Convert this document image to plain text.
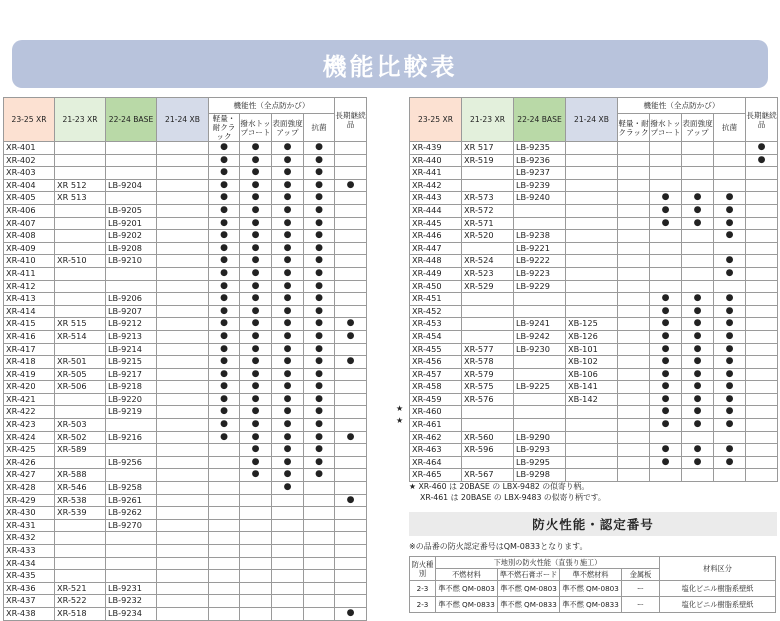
機能比較表
23-25 XR	21-23 XR	22-24 BASE	21-24 XB	機能性（全点防かび）				長期継続品
				軽量・耐クラック	撥水トップコート	表面強度アップ	抗菌	
XR-401				●	●	●	●	
XR-402				●	●	●	●	
XR-403				●	●	●	●	
XR-404	XR 512	LB-9204		●	●	●	●	●
XR-405	XR 513			●	●	●	●	
XR-406		LB-9205		●	●	●	●	
XR-407		LB-9201		●	●	●	●	
XR-408		LB-9202		●	●	●	●	
XR-409		LB-9208		●	●	●	●	
XR-410	XR-510	LB-9210		●	●	●	●	
XR-411				●	●	●	●	
XR-412				●	●	●	●	
XR-413		LB-9206		●	●	●	●	
XR-414		LB-9207		●	●	●	●	
XR-415	XR 515	LB-9212		●	●	●	●	●
XR-416	XR-514	LB-9213		●	●	●	●	●
XR-417		LB-9214		●	●	●	●	
XR-418	XR-501	LB-9215		●	●	●	●	●
XR-419	XR-505	LB-9217		●	●	●	●	
XR-420	XR-506	LB-9218		●	●	●	●	
XR-421		LB-9220		●	●	●	●	
XR-422		LB-9219		●	●	●	●	
XR-423	XR-503			●	●	●	●	
XR-424	XR-502	LB-9216		●	●	●	●	●
XR-425	XR-589				●	●	●	
XR-426		LB-9256			●	●	●	
XR-427	XR-588				●	●	●	
XR-428	XR-546	LB-9258				●		
XR-429	XR-538	LB-9261						●
XR-430	XR-539	LB-9262						
XR-431		LB-9270						
XR-432								
XR-433								
XR-434								
XR-435								
XR-436	XR-521	LB-9231						
XR-437	XR-522	LB-9232						
XR-438	XR-518	LB-9234						●
23-25 XR	21-23 XR	22-24 BASE	21-24 XB	機能性（全点防かび）				長期継続品
				軽量・耐クラック	撥水トップコート	表面強度アップ	抗菌	
XR-439	XR 517	LB-9235						●
XR-440	XR-519	LB-9236						●
XR-441		LB-9237						
XR-442		LB-9239						
XR-443	XR-573	LB-9240			●	●	●	
XR-444	XR-572				●	●	●	
XR-445	XR-571				●	●	●	
XR-446	XR-520	LB-9238					●	
XR-447		LB-9221						
XR-448	XR-524	LB-9222					●	
XR-449	XR-523	LB-9223					●	
XR-450	XR-529	LB-9229						
XR-451					●	●	●	
XR-452					●	●	●	
XR-453		LB-9241	XB-125		●	●	●	
XR-454		LB-9242	XB-126		●	●	●	
XR-455	XR-577	LB-9230	XB-101		●	●	●	
XR-456	XR-578		XB-102		●	●	●	
XR-457	XR-579		XB-106		●	●	●	
XR-458	XR-575	LB-9225	XB-141		●	●	●	
XR-459	XR-576		XB-142		●	●	●	
XR-460					●	●	●	
XR-461					●	●	●	
XR-462	XR-560	LB-9290						
XR-463	XR-596	LB-9293			●	●	●	
XR-464		LB-9295			●	●	●	
XR-465	XR-567	LB-9298						
★
★
★ XR-460 は 20BASE の LBX-9482 の似寄り柄。
XR-461 は 20BASE の LBX-9483 の似寄り柄です。
防火性能・認定番号
※の品番の防火認定番号はQM-0833となります。
防火種別	下地別の防火性能（直張り施工）				材料区分
	不燃材料	準不燃石膏ボード	準不燃材料	金属板	
2-3	準不燃 QM-0803	準不燃 QM-0803	準不燃 QM-0803	ー	塩化ビニル樹脂系壁紙
2-3	準不燃 QM-0833	準不燃 QM-0833	準不燃 QM-0833	ー	塩化ビニル樹脂系壁紙
